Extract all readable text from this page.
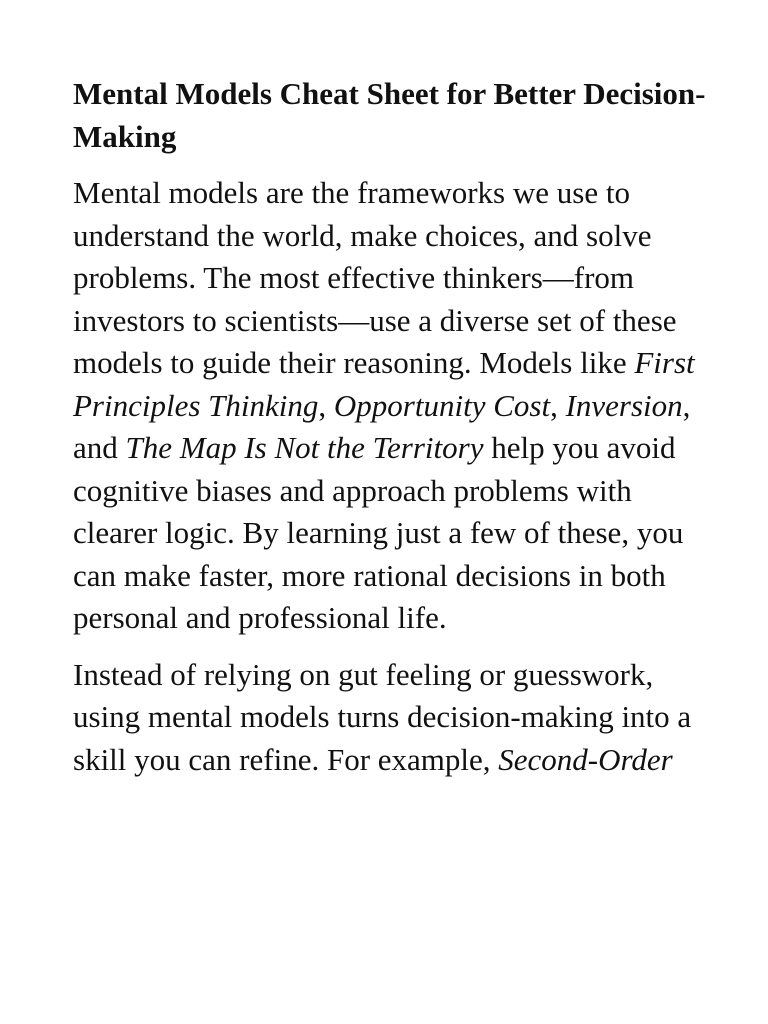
Mental Models Cheat Sheet for Better Decision-Making

Mental models are the frameworks we use to understand the world, make choices, and solve problems. The most effective thinkers—from investors to scientists—use a diverse set of these models to guide their reasoning. Models like First Principles Thinking, Opportunity Cost, Inversion, and The Map Is Not the Territory help you avoid cognitive biases and approach problems with clearer logic. By learning just a few of these, you can make faster, more rational decisions in both personal and professional life.

Instead of relying on gut feeling or guesswork, using mental models turns decision-making into a skill you can refine. For example, Second-Order
